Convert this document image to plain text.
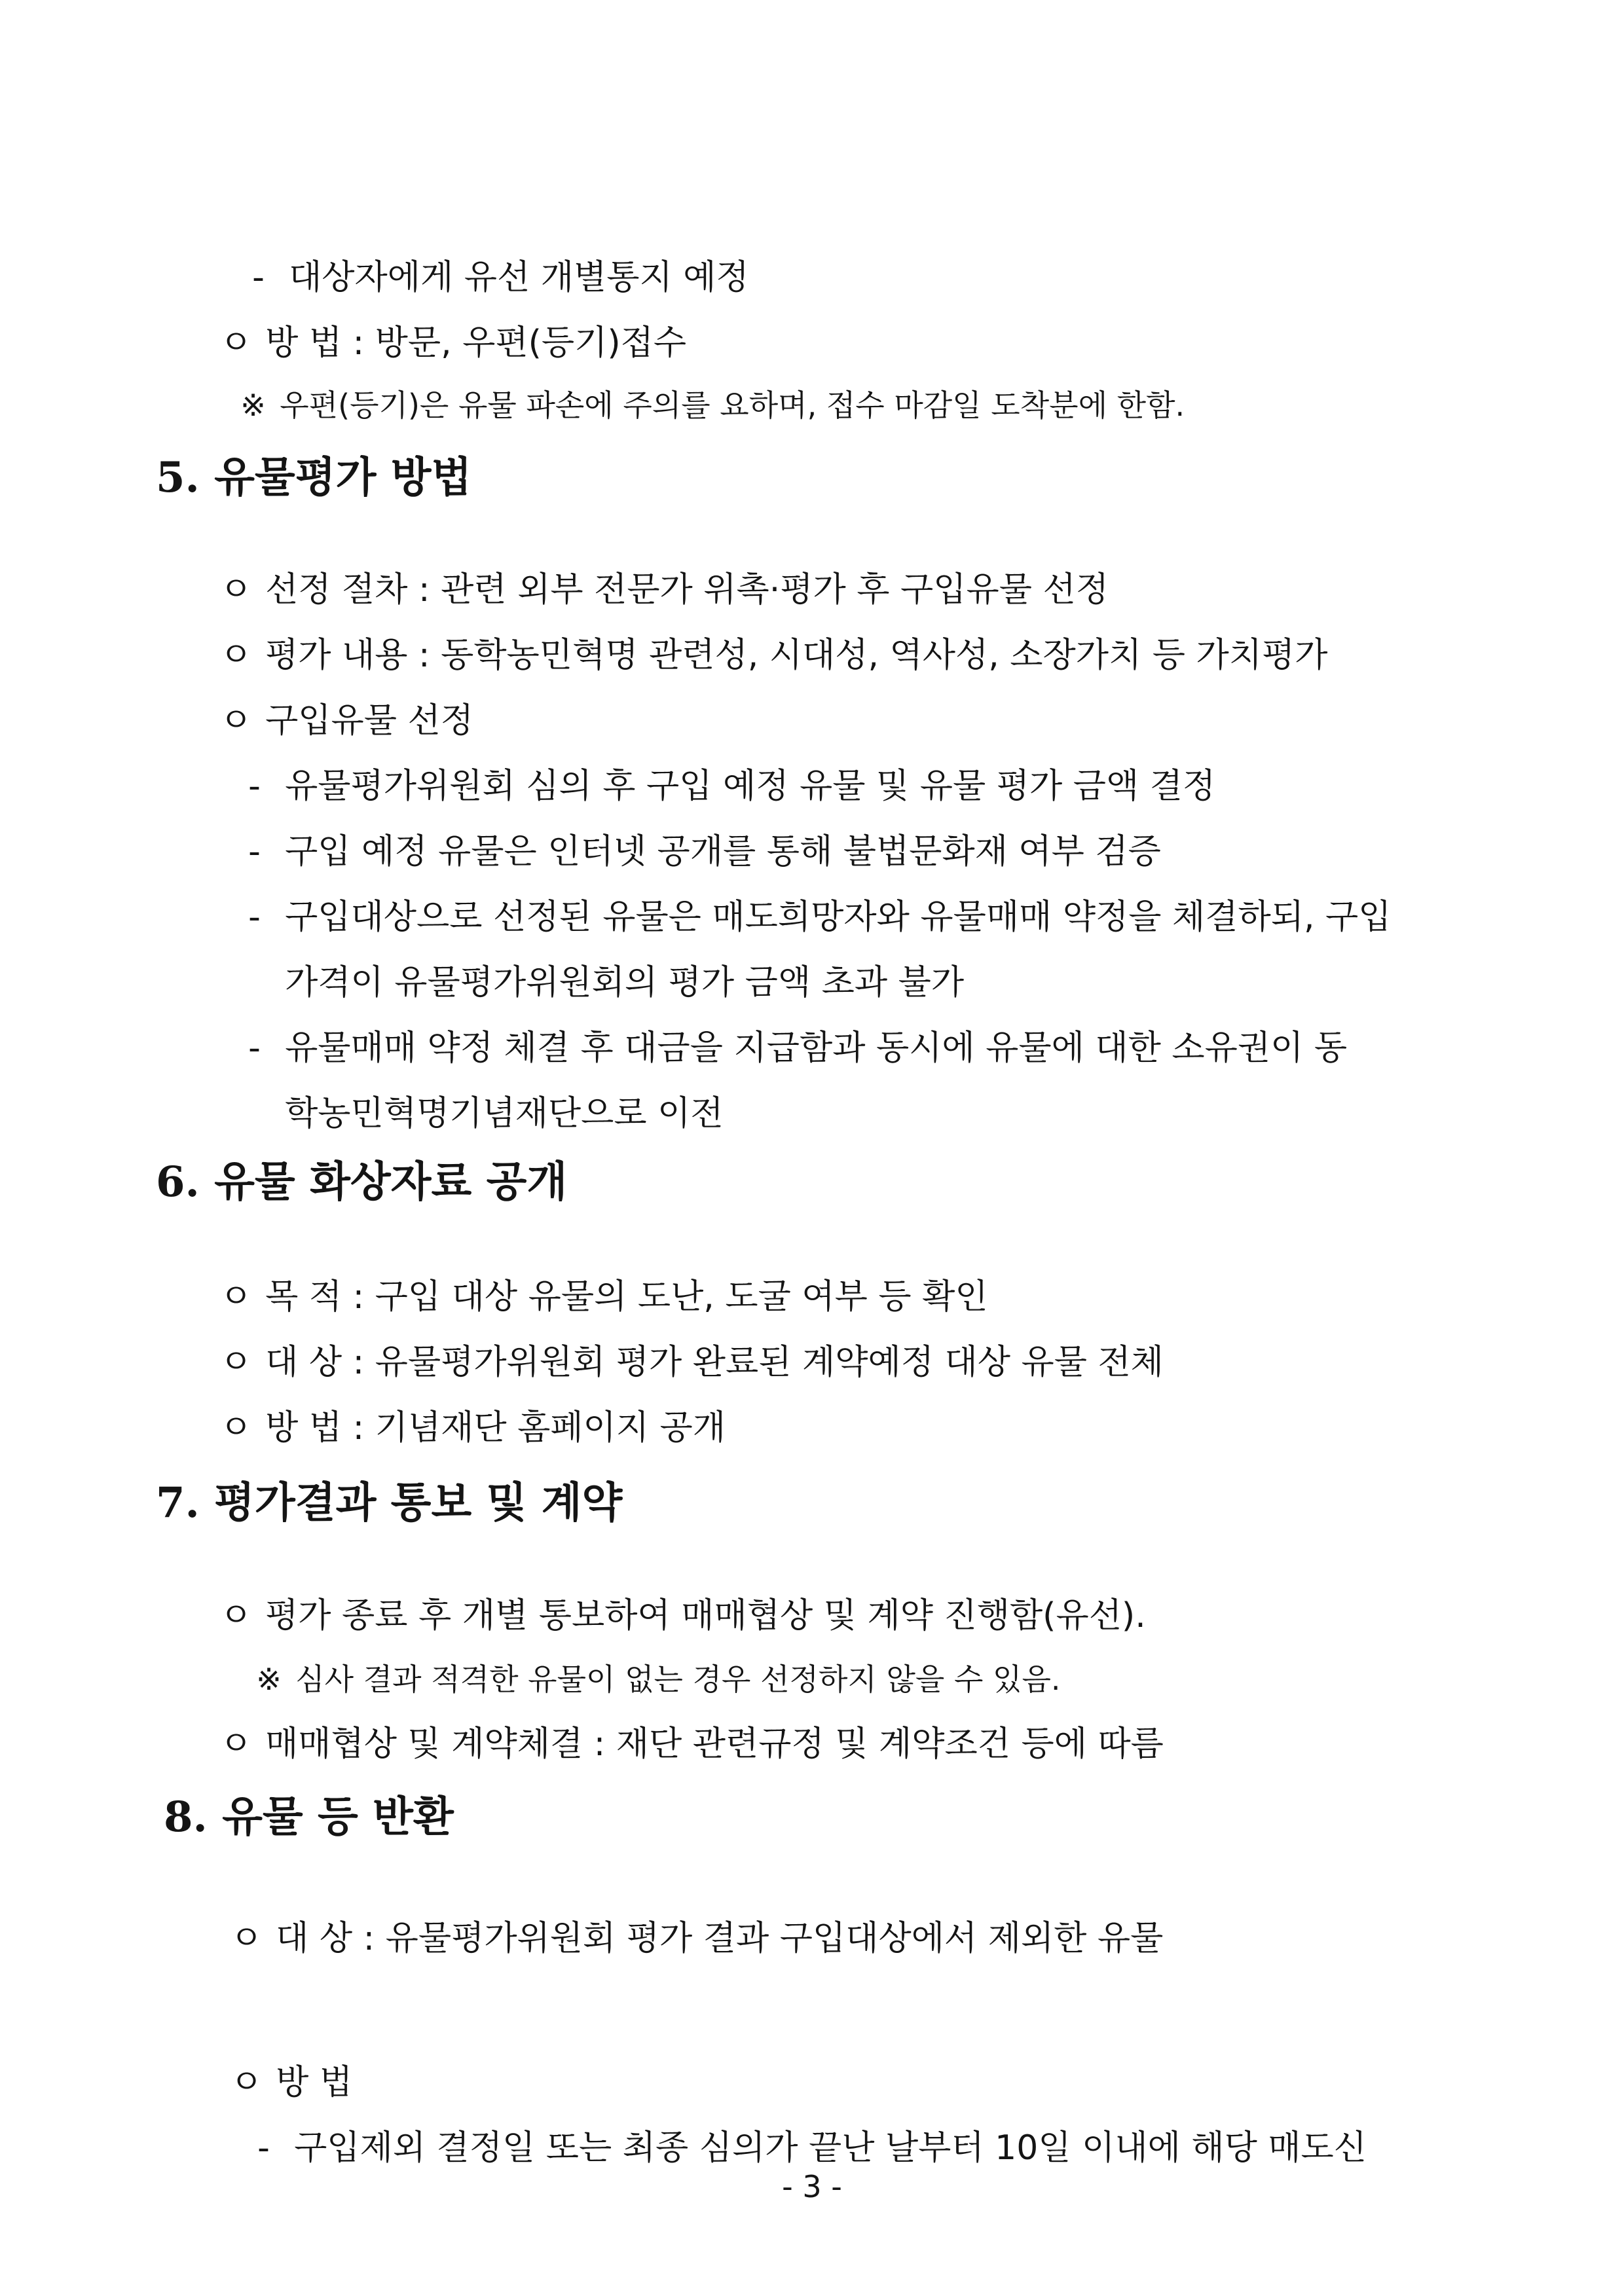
- 대상자에게 유선 개별통지 예정

ㅇ 방 법 : 방문, 우편(등기)접수

※ 우편(등기)은 유물 파손에 주의를 요하며, 접수 마감일 도착분에 한함.

5. 유물평가 방법

ㅇ 선정 절차 : 관련 외부 전문가 위촉·평가 후 구입유물 선정

ㅇ 평가 내용 : 동학농민혁명 관련성, 시대성, 역사성, 소장가치 등 가치평가

ㅇ 구입유물 선정

- 유물평가위원회 심의 후 구입 예정 유물 및 유물 평가 금액 결정

- 구입 예정 유물은 인터넷 공개를 통해 불법문화재 여부 검증

- 구입대상으로 선정된 유물은 매도희망자와 유물매매 약정을 체결하되, 구입

가격이 유물평가위원회의 평가 금액 초과 불가

- 유물매매 약정 체결 후 대금을 지급함과 동시에 유물에 대한 소유권이 동

학농민혁명기념재단으로 이전

6. 유물 화상자료 공개

ㅇ 목 적 : 구입 대상 유물의 도난, 도굴 여부 등 확인

ㅇ 대 상 : 유물평가위원회 평가 완료된 계약예정 대상 유물 전체

ㅇ 방 법 : 기념재단 홈페이지 공개

7. 평가결과 통보 및 계약

ㅇ 평가 종료 후 개별 통보하여 매매협상 및 계약 진행함(유선).

※ 심사 결과 적격한 유물이 없는 경우 선정하지 않을 수 있음.

ㅇ 매매협상 및 계약체결 : 재단 관련규정 및 계약조건 등에 따름

8. 유물 등 반환

ㅇ 대 상 : 유물평가위원회 평가 결과 구입대상에서 제외한 유물

ㅇ 방 법

- 구입제외 결정일 또는 최종 심의가 끝난 날부터 10일 이내에 해당 매도신

- 3 -
